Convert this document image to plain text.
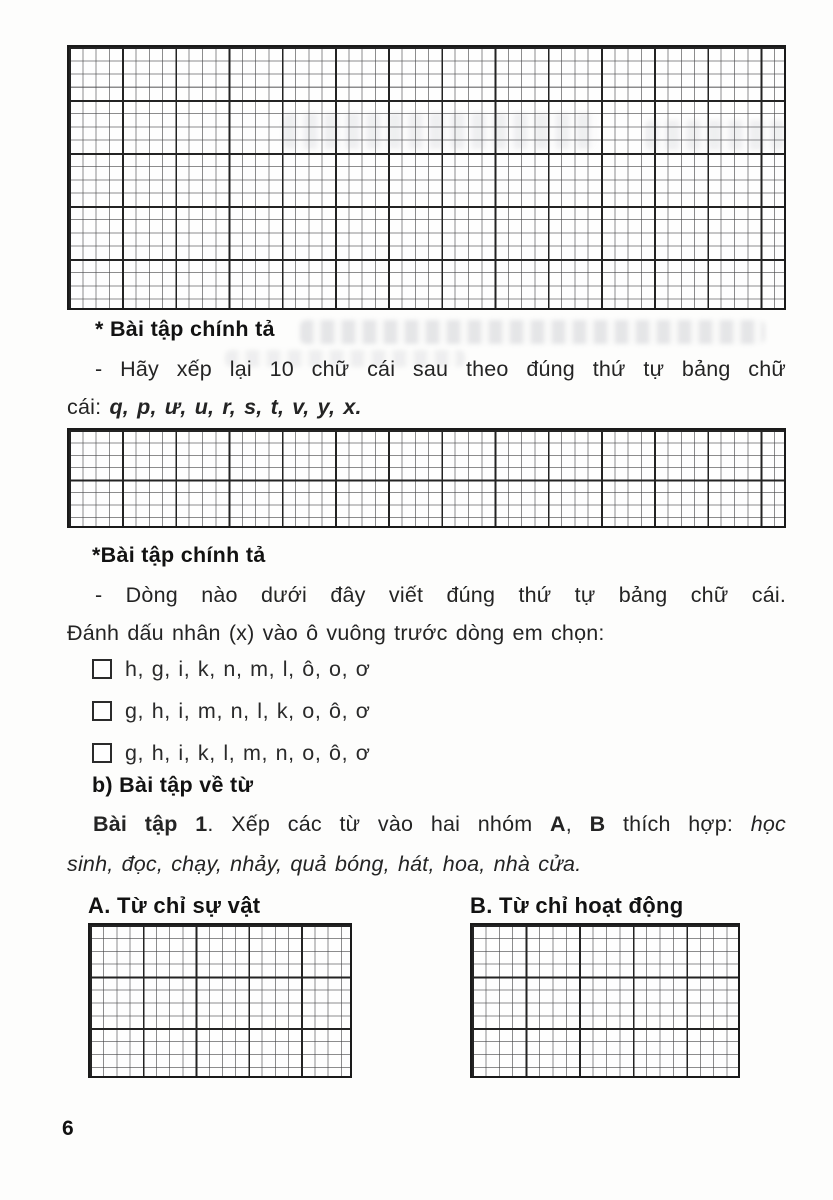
* Bài tập chính tả
- Hãy xếp lại 10 chữ cái sau theo đúng thứ tự bảng chữ
cái: q, p, ư, u, r, s, t, v, y, x.
*Bài tập chính tả
- Dòng nào dưới đây viết đúng thứ tự bảng chữ cái.
Đánh dấu nhân (x) vào ô vuông trước dòng em chọn:
h, g, i, k, n, m, l, ô, o, ơ
g, h, i, m, n, l, k, o, ô, ơ
g, h, i, k, l, m, n, o, ô, ơ
b) Bài tập về từ
Bài tập 1. Xếp các từ vào hai nhóm A, B thích hợp: học
sinh, đọc, chạy, nhảy, quả bóng, hát, hoa, nhà cửa.
A. Từ chỉ sự vật	B. Từ chỉ hoạt động
6
